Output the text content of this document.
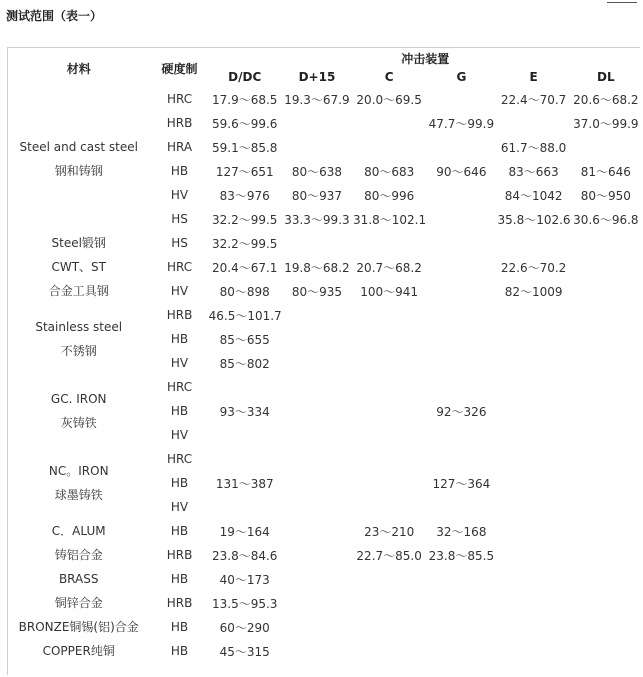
测试范围（表一）
材料	硬度制	冲击装置					
		D/DC	D+15	C	G	E	DL

Steel and cast steel
钢和铸钢	HRC	17.9～68.5	19.3～67.9	20.0～69.5		22.4～70.7	20.6～68.2
	HRB	59.6～99.6			47.7～99.9		37.0～99.9
	HRA	59.1～85.8				61.7～88.0	
	HB	127～651	80～638	80～683	90～646	83～663	81～646
	HV	83～976	80～937	80～996		84～1042	80～950
	HS	32.2～99.5	33.3～99.3	31.8～102.1		35.8～102.6	30.6～96.8

Steel锻钢	HS	32.2～99.5					

CWT、ST
合金工具钢	HRC	20.4～67.1	19.8～68.2	20.7～68.2		22.6～70.2	
	HV	80～898	80～935	100～941		82～1009	

Stainless steel
不锈钢	HRB	46.5～101.7					
	HB	85～655					
	HV	85～802					

GC. IRON
灰铸铁	HRC						
	HB	93～334			92～326		
	HV						

NC。IRON
球墨铸铁	HRC						
	HB	131～387			127～364		
	HV						

C．ALUM
铸铝合金	HB	19～164		23～210	32～168		
	HRB	23.8～84.6		22.7～85.0	23.8～85.5		

BRASS
铜锌合金	HB	40～173					
	HRB	13.5～95.3					

BRONZE铜锡(铝)合金	HB	60～290					

COPPER纯铜	HB	45～315					
